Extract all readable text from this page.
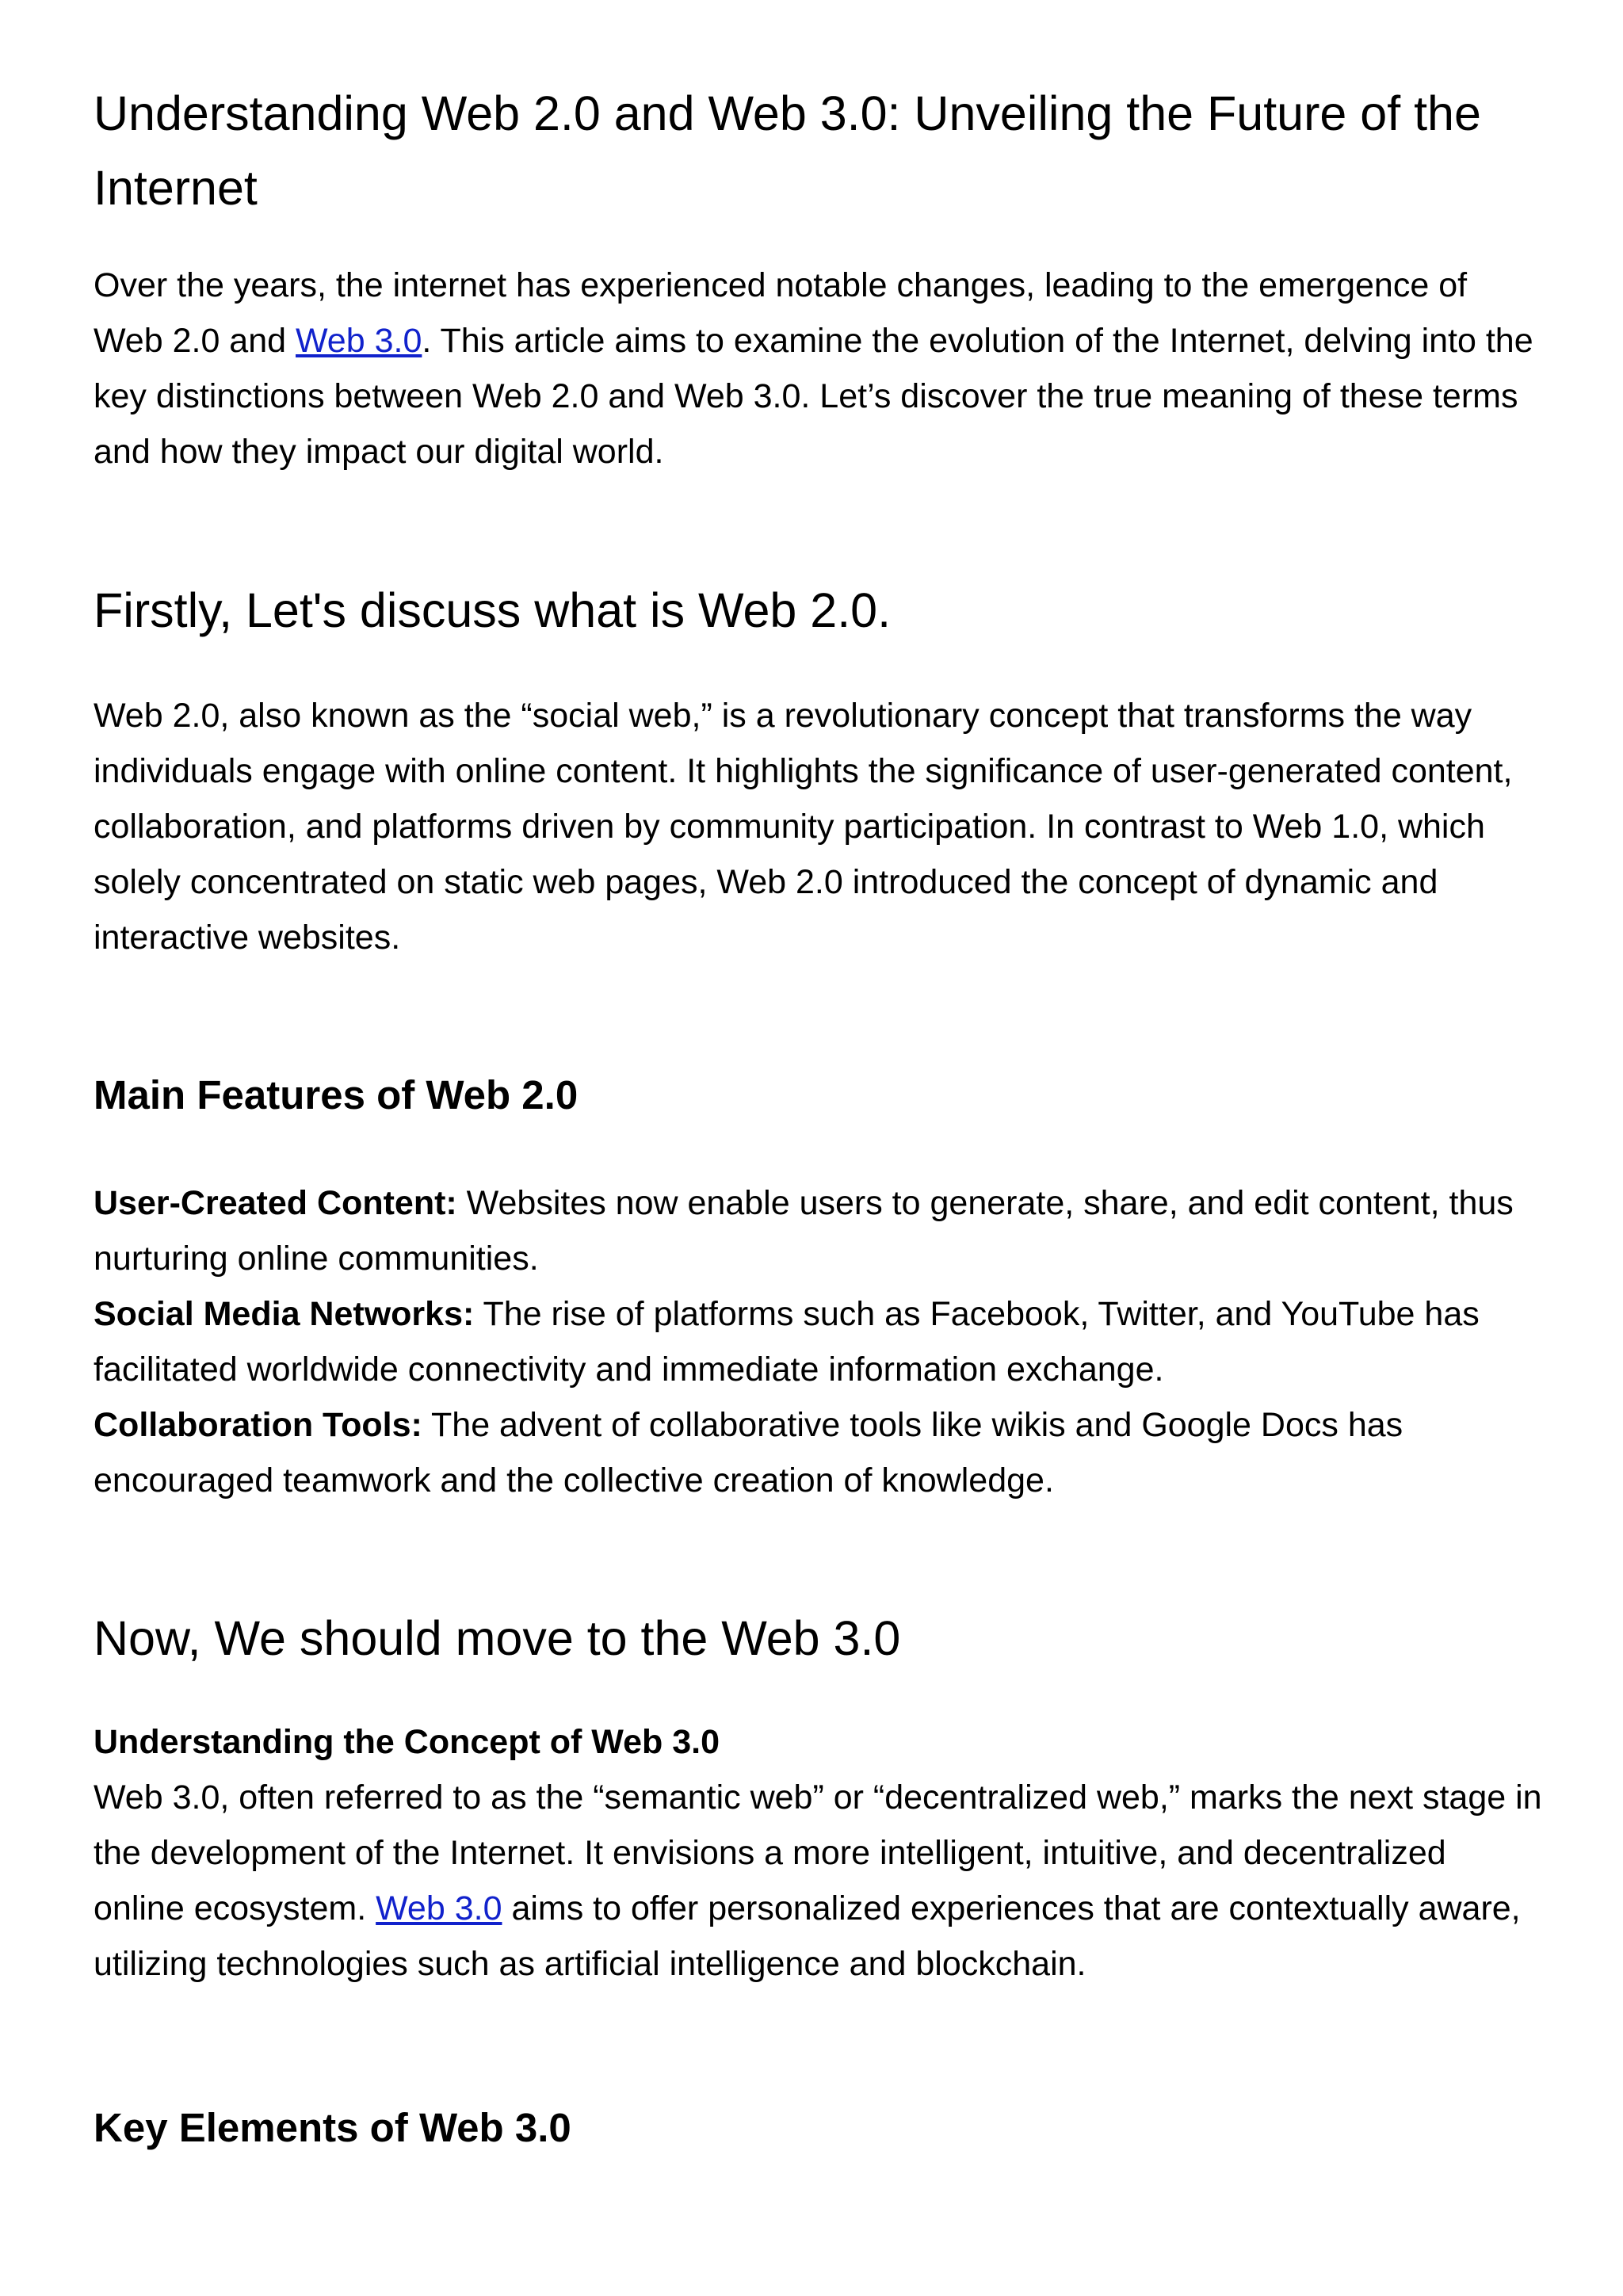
Understanding Web 2.0 and Web 3.0: Unveiling the Future of the Internet

Over the years, the internet has experienced notable changes, leading to the emergence of Web 2.0 and Web 3.0. This article aims to examine the evolution of the Internet, delving into the key distinctions between Web 2.0 and Web 3.0. Let’s discover the true meaning of these terms and how they impact our digital world.

Firstly, Let's discuss what is Web 2.0.

Web 2.0, also known as the “social web,” is a revolutionary concept that transforms the way individuals engage with online content. It highlights the significance of user-generated content, collaboration, and platforms driven by community participation. In contrast to Web 1.0, which solely concentrated on static web pages, Web 2.0 introduced the concept of dynamic and interactive websites.

Main Features of Web 2.0

User-Created Content: Websites now enable users to generate, share, and edit content, thus nurturing online communities.

Social Media Networks: The rise of platforms such as Facebook, Twitter, and YouTube has facilitated worldwide connectivity and immediate information exchange.

Collaboration Tools: The advent of collaborative tools like wikis and Google Docs has encouraged teamwork and the collective creation of knowledge.

Now, We should move to the Web 3.0

Understanding the Concept of Web 3.0

Web 3.0, often referred to as the “semantic web” or “decentralized web,” marks the next stage in the development of the Internet. It envisions a more intelligent, intuitive, and decentralized online ecosystem. Web 3.0 aims to offer personalized experiences that are contextually aware, utilizing technologies such as artificial intelligence and blockchain.

Key Elements of Web 3.0
